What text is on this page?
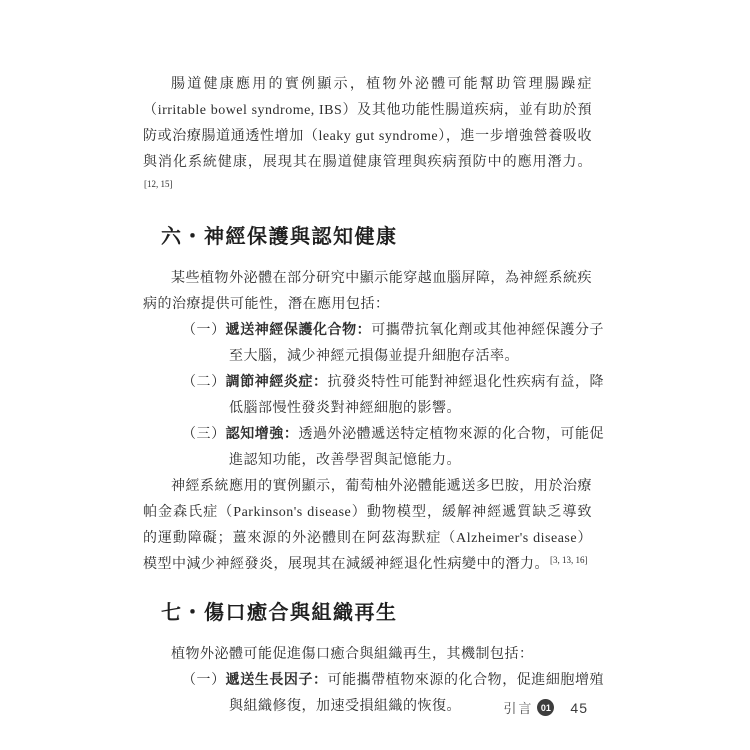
腸道健康應用的實例顯示，植物外泌體可能幫助管理腸躁症（irritable bowel syndrome, IBS）及其他功能性腸道疾病，並有助於預防或治療腸道通透性增加（leaky gut syndrome），進一步增強營養吸收與消化系統健康，展現其在腸道健康管理與疾病預防中的應用潛力。[12, 15]

六・神經保護與認知健康

某些植物外泌體在部分研究中顯示能穿越血腦屏障，為神經系統疾病的治療提供可能性，潛在應用包括：

（一）遞送神經保護化合物：可攜帶抗氧化劑或其他神經保護分子至大腦，減少神經元損傷並提升細胞存活率。
（二）調節神經炎症：抗發炎特性可能對神經退化性疾病有益，降低腦部慢性發炎對神經細胞的影響。
（三）認知增強：透過外泌體遞送特定植物來源的化合物，可能促進認知功能，改善學習與記憶能力。

神經系統應用的實例顯示，葡萄柚外泌體能遞送多巴胺，用於治療帕金森氏症（Parkinson's disease）動物模型，緩解神經遞質缺乏導致的運動障礙；薑來源的外泌體則在阿茲海默症（Alzheimer's disease）模型中減少神經發炎，展現其在減緩神經退化性病變中的潛力。[3, 13, 16]

七・傷口癒合與組織再生

植物外泌體可能促進傷口癒合與組織再生，其機制包括：

（一）遞送生長因子：可能攜帶植物來源的化合物，促進細胞增殖與組織修復，加速受損組織的恢復。	引言 01 45
